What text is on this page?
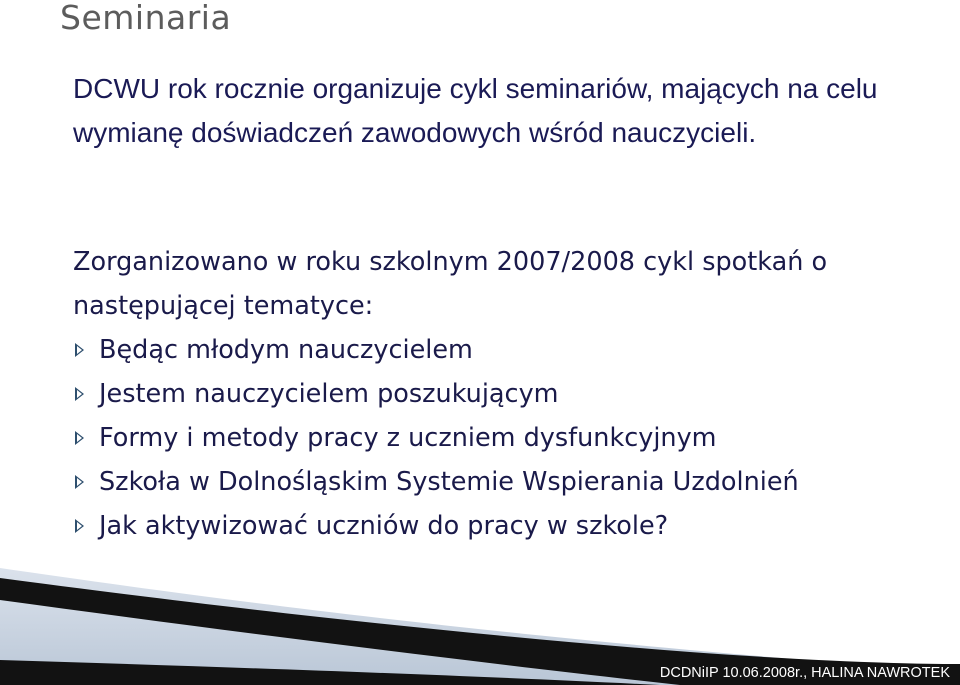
Seminaria

DCWU rok rocznie organizuje cykl seminariów, mających na celu wymianę doświadczeń zawodowych wśród nauczycieli.

Zorganizowano w roku szkolnym 2007/2008 cykl spotkań o następującej tematyce:

Będąc młodym nauczycielem
Jestem nauczycielem poszukującym
Formy i metody pracy z uczniem dysfunkcyjnym
Szkoła w Dolnośląskim Systemie Wspierania Uzdolnień
Jak aktywizować uczniów do pracy w szkole?

DCDNiIP 10.06.2008r., HALINA NAWROTEK
